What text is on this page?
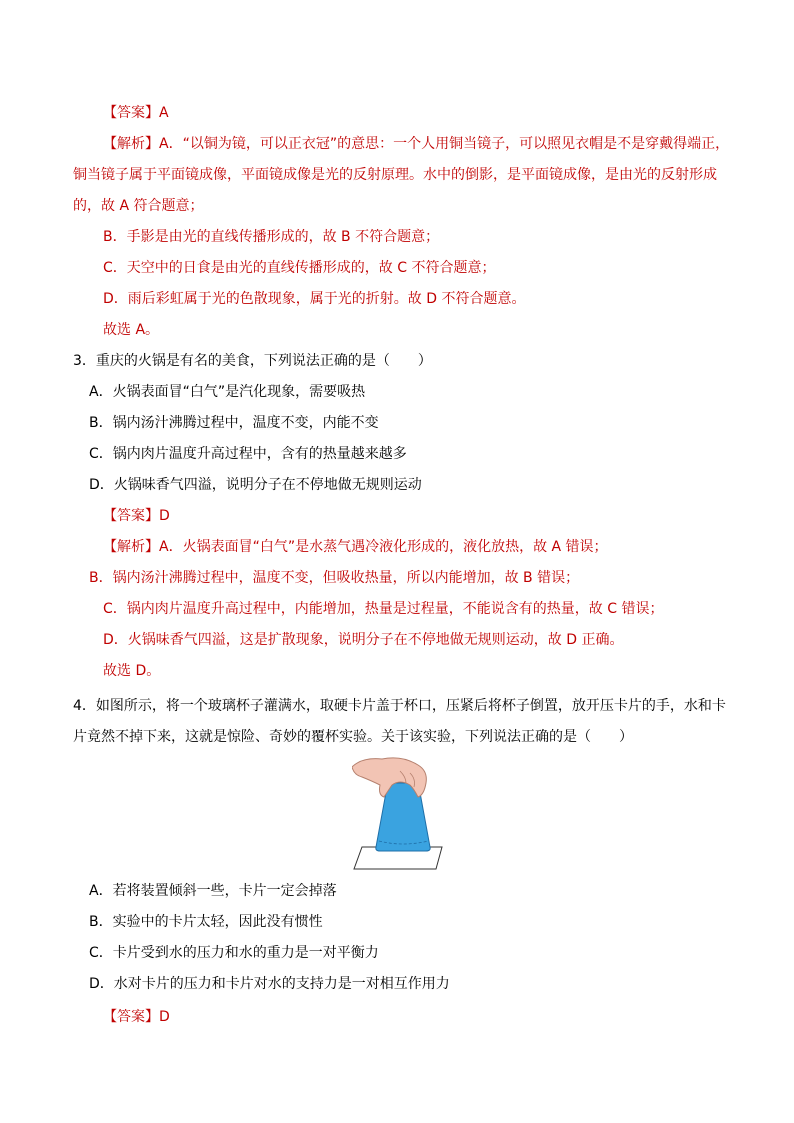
【答案】A
【解析】A．“以铜为镜，可以正衣冠”的意思：一个人用铜当镜子，可以照见衣帽是不是穿戴得端正，
铜当镜子属于平面镜成像，平面镜成像是光的反射原理。水中的倒影，是平面镜成像，是由光的反射形成
的，故 A 符合题意；
B．手影是由光的直线传播形成的，故 B 不符合题意；
C．天空中的日食是由光的直线传播形成的，故 C 不符合题意；
D．雨后彩虹属于光的色散现象，属于光的折射。故 D 不符合题意。
故选 A。
3．重庆的火锅是有名的美食，下列说法正确的是（　　）
A．火锅表面冒“白气”是汽化现象，需要吸热
B．锅内汤汁沸腾过程中，温度不变，内能不变
C．锅内肉片温度升高过程中，含有的热量越来越多
D．火锅味香气四溢，说明分子在不停地做无规则运动
【答案】D
【解析】A．火锅表面冒“白气”是水蒸气遇冷液化形成的，液化放热，故 A 错误；
B．锅内汤汁沸腾过程中，温度不变，但吸收热量，所以内能增加，故 B 错误；
C．锅内肉片温度升高过程中，内能增加，热量是过程量，不能说含有的热量，故 C 错误；
D．火锅味香气四溢，这是扩散现象，说明分子在不停地做无规则运动，故 D 正确。
故选 D。
4．如图所示，将一个玻璃杯子灌满水，取硬卡片盖于杯口，压紧后将杯子倒置，放开压卡片的手，水和卡
片竟然不掉下来，这就是惊险、奇妙的覆杯实验。关于该实验，下列说法正确的是（　　）
A．若将装置倾斜一些，卡片一定会掉落
B．实验中的卡片太轻，因此没有惯性
C．卡片受到水的压力和水的重力是一对平衡力
D．水对卡片的压力和卡片对水的支持力是一对相互作用力
【答案】D
